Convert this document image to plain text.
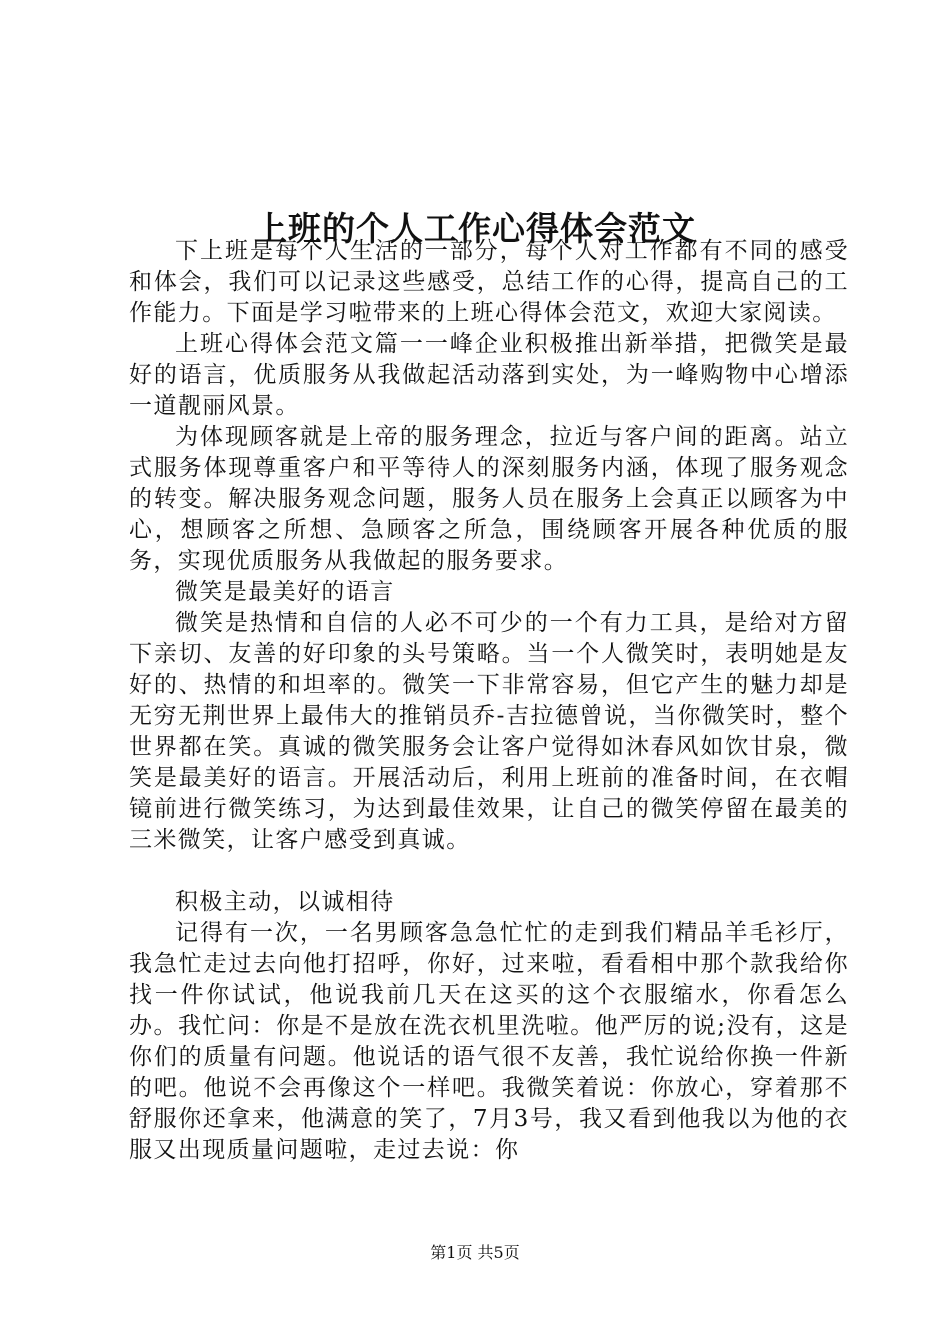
上班的个人工作心得体会范文

下上班是每个人生活的一部分，每个人对工作都有不同的感受和体会，我们可以记录这些感受，总结工作的心得，提高自己的工作能力。下面是学习啦带来的上班心得体会范文，欢迎大家阅读。

上班心得体会范文篇一一峰企业积极推出新举措，把微笑是最好的语言，优质服务从我做起活动落到实处，为一峰购物中心增添一道靓丽风景。

为体现顾客就是上帝的服务理念，拉近与客户间的距离。站立式服务体现尊重客户和平等待人的深刻服务内涵，体现了服务观念的转变。解决服务观念问题，服务人员在服务上会真正以顾客为中心，想顾客之所想、急顾客之所急，围绕顾客开展各种优质的服务，实现优质服务从我做起的服务要求。

微笑是最美好的语言

微笑是热情和自信的人必不可少的一个有力工具，是给对方留下亲切、友善的好印象的头号策略。当一个人微笑时，表明她是友好的、热情的和坦率的。微笑一下非常容易，但它产生的魅力却是无穷无荆世界上最伟大的推销员乔-吉拉德曾说，当你微笑时，整个世界都在笑。真诚的微笑服务会让客户觉得如沐春风如饮甘泉，微笑是最美好的语言。开展活动后，利用上班前的准备时间，在衣帽镜前进行微笑练习，为达到最佳效果，让自己的微笑停留在最美的三米微笑，让客户感受到真诚。

积极主动，以诚相待

记得有一次，一名男顾客急急忙忙的走到我们精品羊毛衫厅，我急忙走过去向他打招呼，你好，过来啦，看看相中那个款我给你找一件你试试，他说我前几天在这买的这个衣服缩水，你看怎么办。我忙问：你是不是放在洗衣机里洗啦。他严厉的说;没有，这是你们的质量有问题。他说话的语气很不友善，我忙说给你换一件新的吧。他说不会再像这个一样吧。我微笑着说：你放心，穿着那不舒服你还拿来，他满意的笑了，7月3号，我又看到他我以为他的衣服又出现质量问题啦，走过去说：你

第1页 共5页
